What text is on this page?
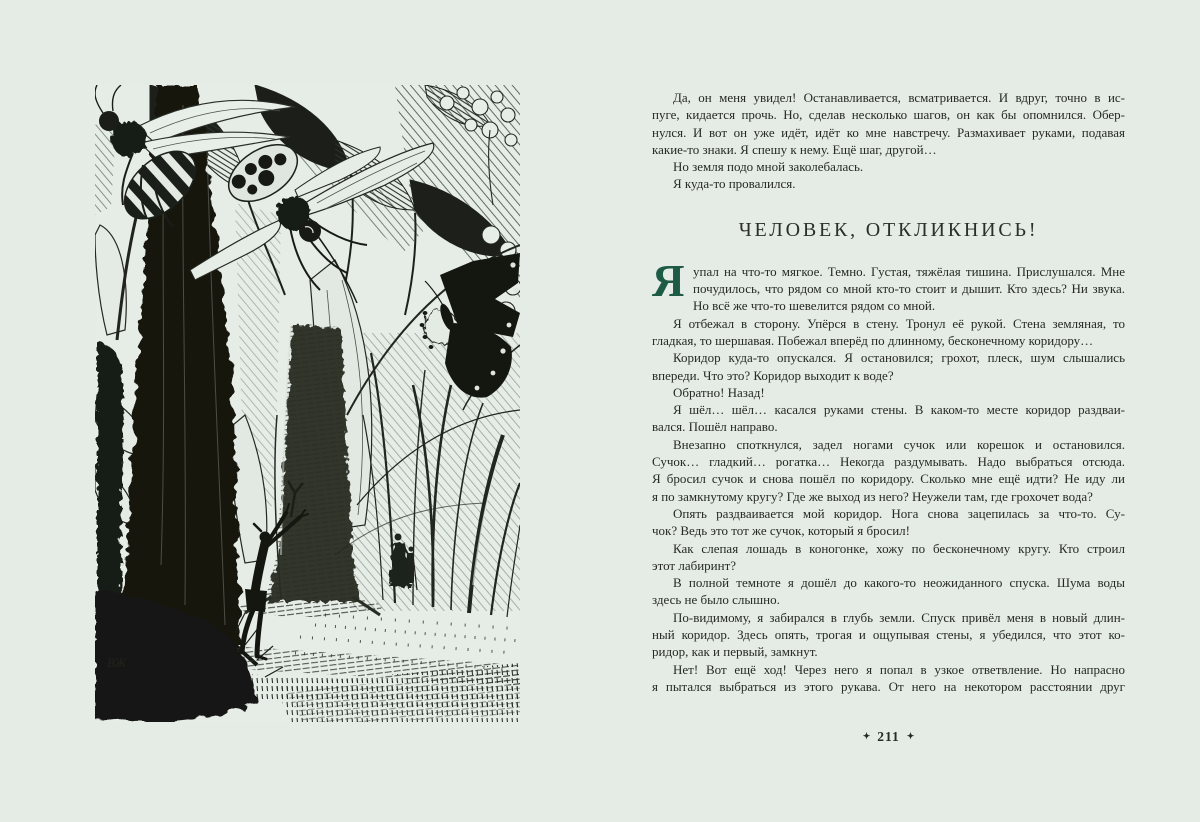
ВЖ
Да, он меня увидел! Останавливается, всматривается. И вдруг, точно в ис-
пуге, кидается прочь. Но, сделав несколько шагов, он как бы опомнился. Обер-
нулся. И вот он уже идёт, идёт ко мне навстречу. Размахивает руками, подавая
какие-то знаки. Я спешу к нему. Ещё шаг, другой…
Но земля подо мной заколебалась.
Я куда-то провалился.
ЧЕЛОВЕК, ОТКЛИКНИСЬ!
Я упал на что-то мягкое. Темно. Густая, тяжёлая тишина. Прислушался. Мне
почудилось, что рядом со мной кто-то стоит и дышит. Кто здесь? Ни звука.
Но всё же что-то шевелится рядом со мной.
Я отбежал в сторону. Упёрся в стену. Тронул её рукой. Стена земляная, то
гладкая, то шершавая. Побежал вперёд по длинному, бесконечному коридору…
Коридор куда-то опускался. Я остановился; грохот, плеск, шум слышались
впереди. Что это? Коридор выходит к воде?
Обратно! Назад!
Я шёл… шёл… касался руками стены. В каком-то месте коридор раздваи-
вался. Пошёл направо.
Внезапно споткнулся, задел ногами сучок или корешок и остановился.
Сучок… гладкий… рогатка… Некогда раздумывать. Надо выбраться отсюда.
Я бросил сучок и снова пошёл по коридору. Сколько мне ещё идти? Не иду ли
я по замкнутому кругу? Где же выход из него? Неужели там, где грохочет вода?
Опять раздваивается мой коридор. Нога снова зацепилась за что-то. Су-
чок? Ведь это тот же сучок, который я бросил!
Как слепая лошадь в коногонке, хожу по бесконечному кругу. Кто строил
этот лабиринт?
В полной темноте я дошёл до какого-то неожиданного спуска. Шума воды
здесь не было слышно.
По-видимому, я забирался в глубь земли. Спуск привёл меня в новый длин-
ный коридор. Здесь опять, трогая и ощупывая стены, я убедился, что этот ко-
ридор, как и первый, замкнут.
Нет! Вот ещё ход! Через него я попал в узкое ответвление. Но напрасно
я пытался выбраться из этого рукава. От него на некотором расстоянии друг
✦ 211 ✦
